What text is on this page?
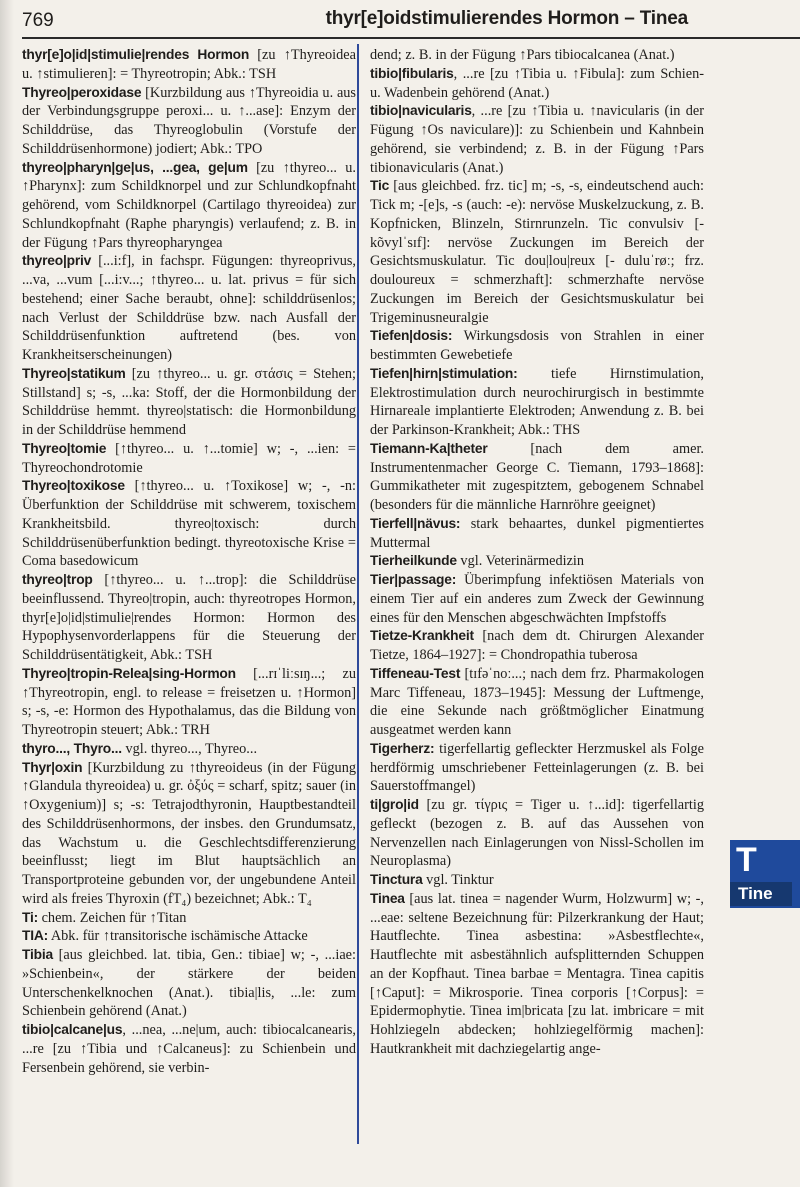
769	thyr[e]oidstimulierendes Hormon – Tinea

thyr[e]o|id|stimulie|rendes Hormon [zu ↑Thyreoidea u. ↑stimulieren]: = Thyreotropin; Abk.: TSH

Thyreo|peroxidase [Kurzbildung aus ↑Thyreoidia u. aus der Verbindungsgruppe peroxi... u. ↑...ase]: Enzym der Schilddrüse, das Thyreoglobulin (Vorstufe der Schilddrüsenhormone) jodiert; Abk.: TPO

thyreo|pharyn|ge|us, ...gea, ge|um [zu ↑thyreo... u. ↑Pharynx]: zum Schildknorpel und zur Schlundkopfnaht gehörend, vom Schildknorpel (Cartilago thyreoidea) zur Schlundkopfnaht (Raphe pharyngis) verlaufend; z. B. in der Fügung ↑Pars thyreopharyngea

thyreo|priv [...i:f], in fachspr. Fügungen: thyreoprivus, ...va, ...vum [...i:v...; ↑thyreo... u. lat. privus = für sich bestehend; einer Sache beraubt, ohne]: schilddrüsenlos; nach Verlust der Schilddrüse bzw. nach Ausfall der Schilddrüsenfunktion auftretend (bes. von Krankheitserscheinungen)

Thyreo|statikum [zu ↑thyreo... u. gr. στάσις = Stehen; Stillstand] s; -s, ...ka: Stoff, der die Hormonbildung der Schilddrüse hemmt. thyreo|statisch: die Hormonbildung in der Schilddrüse hemmend

Thyreo|tomie [↑thyreo... u. ↑...tomie] w; -, ...ien: = Thyreochondrotomie

Thyreo|toxikose [↑thyreo... u. ↑Toxikose] w; -, -n: Überfunktion der Schilddrüse mit schwerem, toxischem Krankheitsbild. thyreo|toxisch: durch Schilddrüsenüberfunktion bedingt. thyreotoxische Krise = Coma basedowicum

thyreo|trop [↑thyreo... u. ↑...trop]: die Schilddrüse beeinflussend. Thyreo|tropin, auch: thyreotropes Hormon, thyr[e]o|id|stimulie|rendes Hormon: Hormon des Hypophysenvorderlappens für die Steuerung der Schilddrüsentätigkeit, Abk.: TSH

Thyreo|tropin-Relea|sing-Hormon [...rɪˈliːsɪŋ...; zu ↑Thyreotropin, engl. to release = freisetzen u. ↑Hormon] s; -s, -e: Hormon des Hypothalamus, das die Bildung von Thyreotropin steuert; Abk.: TRH

thyro..., Thyro... vgl. thyreo..., Thyreo...

Thyr|oxin [Kurzbildung zu ↑thyreoideus (in der Fügung ↑Glandula thyreoidea) u. gr. ὀξύς = scharf, spitz; sauer (in ↑Oxygenium)] s; -s: Tetrajodthyronin, Hauptbestandteil des Schilddrüsenhormons, der insbes. den Grundumsatz, das Wachstum u. die Geschlechtsdifferenzierung beeinflusst; liegt im Blut hauptsächlich an Transportproteine gebunden vor, der ungebundene Anteil wird als freies Thyroxin (fT₄) bezeichnet; Abk.: T₄

Ti: chem. Zeichen für ↑Titan

TIA: Abk. für ↑transitorische ischämische Attacke

Tibia [aus gleichbed. lat. tibia, Gen.: tibiae] w; -, ...iae: »Schienbein«, der stärkere der beiden Unterschenkelknochen (Anat.). tibia|lis, ...le: zum Schienbein gehörend (Anat.)

tibio|calcane|us, ...nea, ...ne|um, auch: tibiocalcanearis, ...re [zu ↑Tibia und ↑Calcaneus]: zu Schienbein und Fersenbein gehörend, sie verbin-

dend; z. B. in der Fügung ↑Pars tibiocalcanea (Anat.)

tibio|fibularis, ...re [zu ↑Tibia u. ↑Fibula]: zum Schien- u. Wadenbein gehörend (Anat.)

tibio|navicularis, ...re [zu ↑Tibia u. ↑navicularis (in der Fügung ↑Os naviculare)]: zu Schienbein und Kahnbein gehörend, sie verbindend; z. B. in der Fügung ↑Pars tibionavicularis (Anat.)

Tic [aus gleichbed. frz. tic] m; -s, -s, eindeutschend auch: Tick m; -[e]s, -s (auch: -e): nervöse Muskelzuckung, z. B. Kopfnicken, Blinzeln, Stirnrunzeln. Tic convulsiv [- kõvylˈsɪf]: nervöse Zuckungen im Bereich der Gesichtsmuskulatur. Tic dou|lou|reux [- duluˈrøː; frz. douloureux = schmerzhaft]: schmerzhafte nervöse Zuckungen im Bereich der Gesichtsmuskulatur bei Trigeminusneuralgie

Tiefen|dosis: Wirkungsdosis von Strahlen in einer bestimmten Gewebetiefe

Tiefen|hirn|stimulation: tiefe Hirnstimulation, Elektrostimulation durch neurochirurgisch in bestimmte Hirnareale implantierte Elektroden; Anwendung z. B. bei der Parkinson-Krankheit; Abk.: THS

Tiemann-Ka|theter [nach dem amer. Instrumentenmacher George C. Tiemann, 1793–1868]: Gummikatheter mit zugespitztem, gebogenem Schnabel (besonders für die männliche Harnröhre geeignet)

Tierfell|nävus: stark behaartes, dunkel pigmentiertes Muttermal

Tierheilkunde vgl. Veterinärmedizin

Tier|passage: Überimpfung infektiösen Materials von einem Tier auf ein anderes zum Zweck der Gewinnung eines für den Menschen abgeschwächten Impfstoffs

Tietze-Krankheit [nach dem dt. Chirurgen Alexander Tietze, 1864–1927]: = Chondropathia tuberosa

Tiffeneau-Test [tɪfəˈnoː...; nach dem frz. Pharmakologen Marc Tiffeneau, 1873–1945]: Messung der Luftmenge, die eine Sekunde nach größtmöglicher Einatmung ausgeatmet werden kann

Tigerherz: tigerfellartig gefleckter Herzmuskel als Folge herdförmig umschriebener Fetteinlagerungen (z. B. bei Sauerstoffmangel)

ti|gro|id [zu gr. τίγρις = Tiger u. ↑...id]: tigerfellartig gefleckt (bezogen z. B. auf das Aussehen von Nervenzellen nach Einlagerungen von Nissl-Schollen im Neuroplasma)

Tinctura vgl. Tinktur

Tinea [aus lat. tinea = nagender Wurm, Holzwurm] w; -, ...eae: seltene Bezeichnung für: Pilzerkrankung der Haut; Hautflechte. Tinea asbestina: »Asbestflechte«, Hautflechte mit asbestähnlich aufsplitternden Schuppen an der Kopfhaut. Tinea barbae = Mentagra. Tinea capitis [↑Caput]: = Mikrosporie. Tinea corporis [↑Corpus]: = Epidermophytie. Tinea im|bricata [zu lat. imbricare = mit Hohlziegeln abdecken; hohlziegelförmig machen]: Hautkrankheit mit dachziegelartig ange-

T
Tine
